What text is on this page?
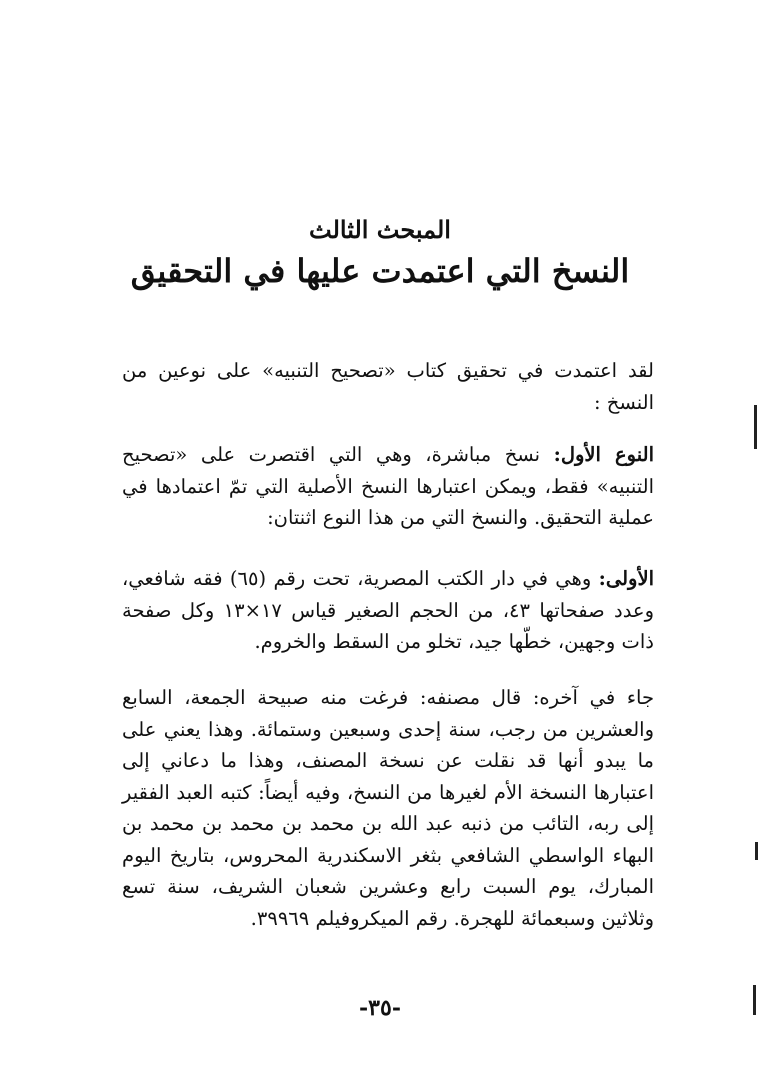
المبحث الثالث
النسخ التي اعتمدت عليها في التحقيق

لقد اعتمدت في تحقيق كتاب «تصحيح التنبيه» على نوعين من النسخ :

النوع الأول: نسخ مباشرة، وهي التي اقتصرت على «تصحيح التنبيه» فقط، ويمكن اعتبارها النسخ الأصلية التي تمّ اعتمادها في عملية التحقيق. والنسخ التي من هذا النوع اثنتان:

الأولى: وهي في دار الكتب المصرية، تحت رقم (٦٥) فقه شافعي، وعدد صفحاتها ٤٣، من الحجم الصغير قياس ١٧×١٣ وكل صفحة ذات وجهين، خطّها جيد، تخلو من السقط والخروم.

جاء في آخره: قال مصنفه: فرغت منه صبيحة الجمعة، السابع والعشرين من رجب، سنة إحدى وسبعين وستمائة. وهذا يعني على ما يبدو أنها قد نقلت عن نسخة المصنف، وهذا ما دعاني إلى اعتبارها النسخة الأم لغيرها من النسخ، وفيه أيضاً: كتبه العبد الفقير إلى ربه، التائب من ذنبه عبد الله بن محمد بن محمد بن محمد بن البهاء الواسطي الشافعي بثغر الاسكندرية المحروس، بتاريخ اليوم المبارك، يوم السبت رابع وعشرين شعبان الشريف، سنة تسع وثلاثين وسبعمائة للهجرة. رقم الميكروفيلم ٣٩٩٦٩.

-٣٥-
